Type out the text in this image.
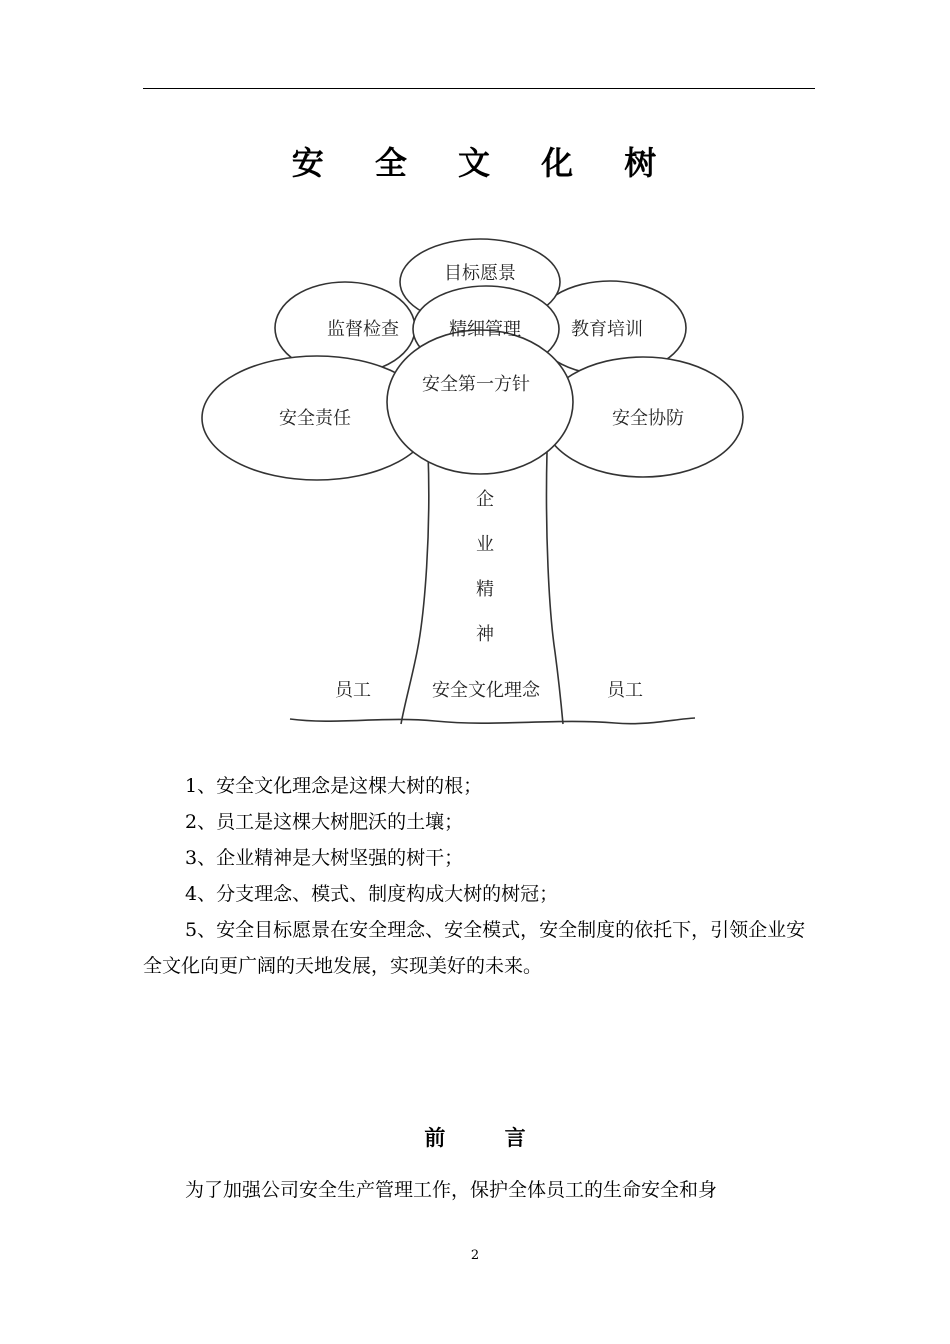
安 全 文 化 树
目标愿景
监督检查	精细管理	教育培训
安全第一方针
安全责任	安全协防
企
业
精
神
安全文化理念
员工	员工

1、安全文化理念是这棵大树的根；

2、员工是这棵大树肥沃的土壤；

3、企业精神是大树坚强的树干；

4、分支理念、模式、制度构成大树的树冠；

5、安全目标愿景在安全理念、安全模式，安全制度的依托下，引领企业安全文化向更广阔的天地发展，实现美好的未来。

前 言

为了加强公司安全生产管理工作，保护全体员工的生命安全和身

2
